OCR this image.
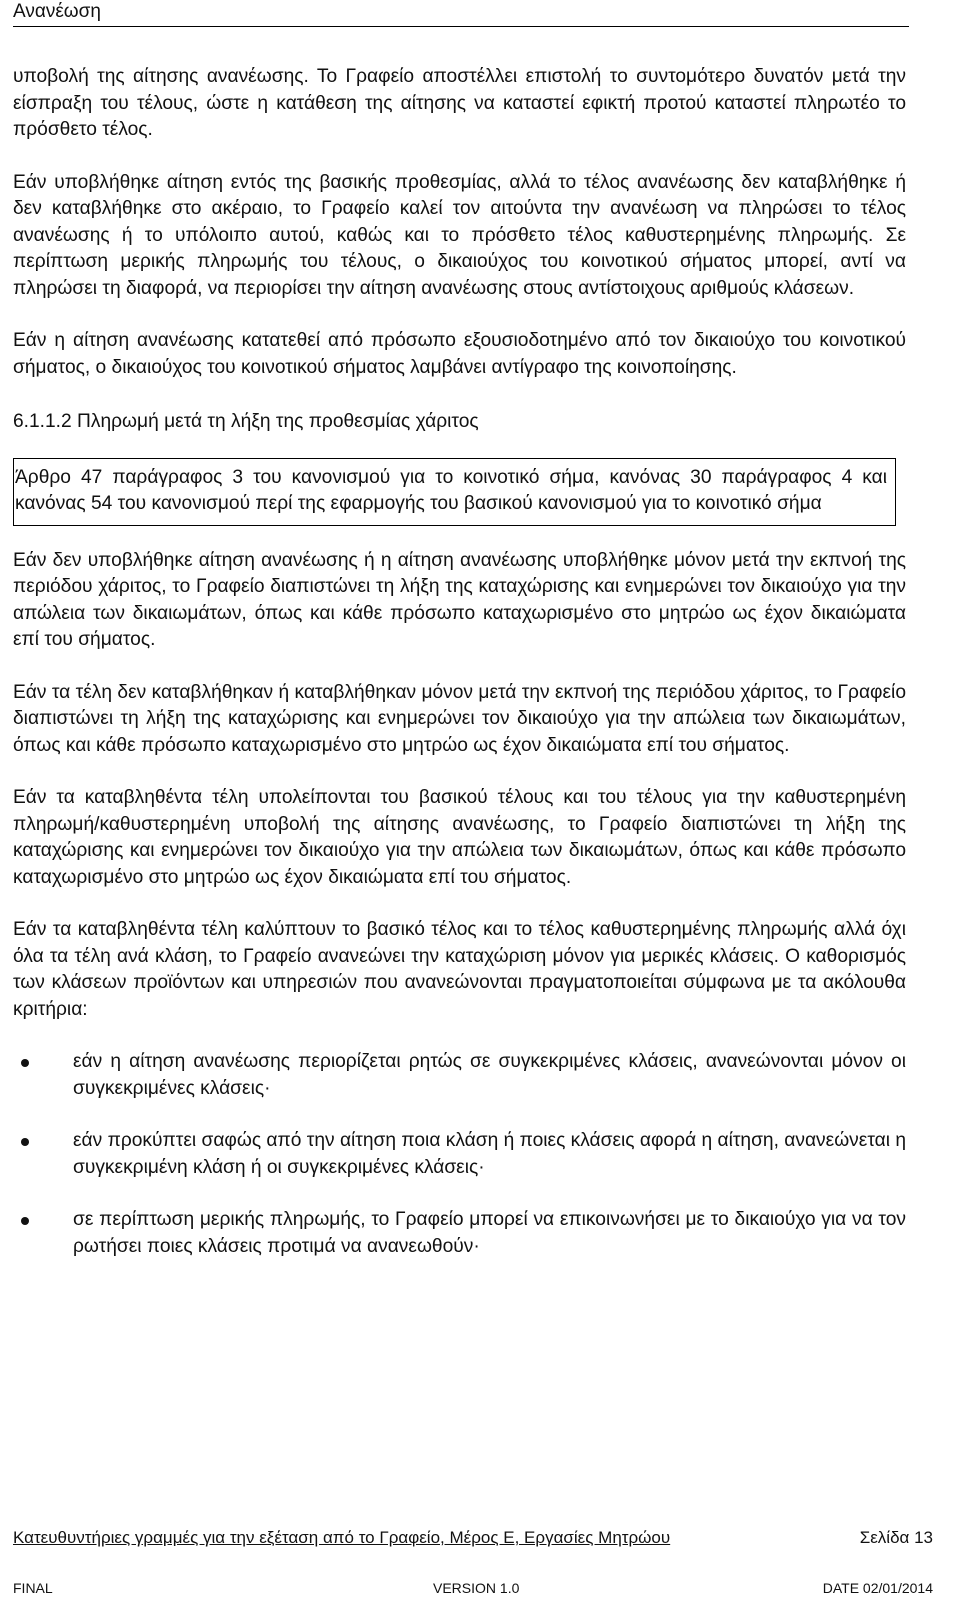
Ανανέωση

υποβολή της αίτησης ανανέωσης. Το Γραφείο αποστέλλει επιστολή το συντομότερο δυνατόν μετά την είσπραξη του τέλους, ώστε η κατάθεση της αίτησης να καταστεί εφικτή προτού καταστεί πληρωτέο το πρόσθετο τέλος.

Εάν υποβλήθηκε αίτηση εντός της βασικής προθεσμίας, αλλά το τέλος ανανέωσης δεν καταβλήθηκε ή δεν καταβλήθηκε στο ακέραιο, το Γραφείο καλεί τον αιτούντα την ανανέωση να πληρώσει το τέλος ανανέωσης ή το υπόλοιπο αυτού, καθώς και το πρόσθετο τέλος καθυστερημένης πληρωμής. Σε περίπτωση μερικής πληρωμής του τέλους, ο δικαιούχος του κοινοτικού σήματος μπορεί, αντί να πληρώσει τη διαφορά, να περιορίσει την αίτηση ανανέωσης στους αντίστοιχους αριθμούς κλάσεων.

Εάν η αίτηση ανανέωσης κατατεθεί από πρόσωπο εξουσιοδοτημένο από τον δικαιούχο του κοινοτικού σήματος, ο δικαιούχος του κοινοτικού σήματος λαμβάνει αντίγραφο της κοινοποίησης.

6.1.1.2 Πληρωμή μετά τη λήξη της προθεσμίας χάριτος

Άρθρο 47 παράγραφος 3 του κανονισμού για το κοινοτικό σήμα, κανόνας 30 παράγραφος 4 και κανόνας 54 του κανονισμού περί της εφαρμογής του βασικού κανονισμού για το κοινοτικό σήμα

Εάν δεν υποβλήθηκε αίτηση ανανέωσης ή η αίτηση ανανέωσης υποβλήθηκε μόνον μετά την εκπνοή της περιόδου χάριτος, το Γραφείο διαπιστώνει τη λήξη της καταχώρισης και ενημερώνει τον δικαιούχο για την απώλεια των δικαιωμάτων, όπως και κάθε πρόσωπο καταχωρισμένο στο μητρώο ως έχον δικαιώματα επί του σήματος.

Εάν τα τέλη δεν καταβλήθηκαν ή καταβλήθηκαν μόνον μετά την εκπνοή της περιόδου χάριτος, το Γραφείο διαπιστώνει τη λήξη της καταχώρισης και ενημερώνει τον δικαιούχο για την απώλεια των δικαιωμάτων, όπως και κάθε πρόσωπο καταχωρισμένο στο μητρώο ως έχον δικαιώματα επί του σήματος.

Εάν τα καταβληθέντα τέλη υπολείπονται του βασικού τέλους και του τέλους για την καθυστερημένη πληρωμή/καθυστερημένη υποβολή της αίτησης ανανέωσης, το Γραφείο διαπιστώνει τη λήξη της καταχώρισης και ενημερώνει τον δικαιούχο για την απώλεια των δικαιωμάτων, όπως και κάθε πρόσωπο καταχωρισμένο στο μητρώο ως έχον δικαιώματα επί του σήματος.

Εάν τα καταβληθέντα τέλη καλύπτουν το βασικό τέλος και το τέλος καθυστερημένης πληρωμής αλλά όχι όλα τα τέλη ανά κλάση, το Γραφείο ανανεώνει την καταχώριση μόνον για μερικές κλάσεις. Ο καθορισμός των κλάσεων προϊόντων και υπηρεσιών που ανανεώνονται πραγματοποιείται σύμφωνα με τα ακόλουθα κριτήρια:

εάν η αίτηση ανανέωσης περιορίζεται ρητώς σε συγκεκριμένες κλάσεις, ανανεώνονται μόνον οι συγκεκριμένες κλάσεις·
εάν προκύπτει σαφώς από την αίτηση ποια κλάση ή ποιες κλάσεις αφορά η αίτηση, ανανεώνεται η συγκεκριμένη κλάση ή οι συγκεκριμένες κλάσεις·
σε περίπτωση μερικής πληρωμής, το Γραφείο μπορεί να επικοινωνήσει με το δικαιούχο για να τον ρωτήσει ποιες κλάσεις προτιμά να ανανεωθούν·
Κατευθυντήριες γραμμές για την εξέταση από το Γραφείο, Μέρος Ε, Εργασίες Μητρώου	Σελίδα 13
FINAL	VERSION 1.0	DATE 02/01/2014
